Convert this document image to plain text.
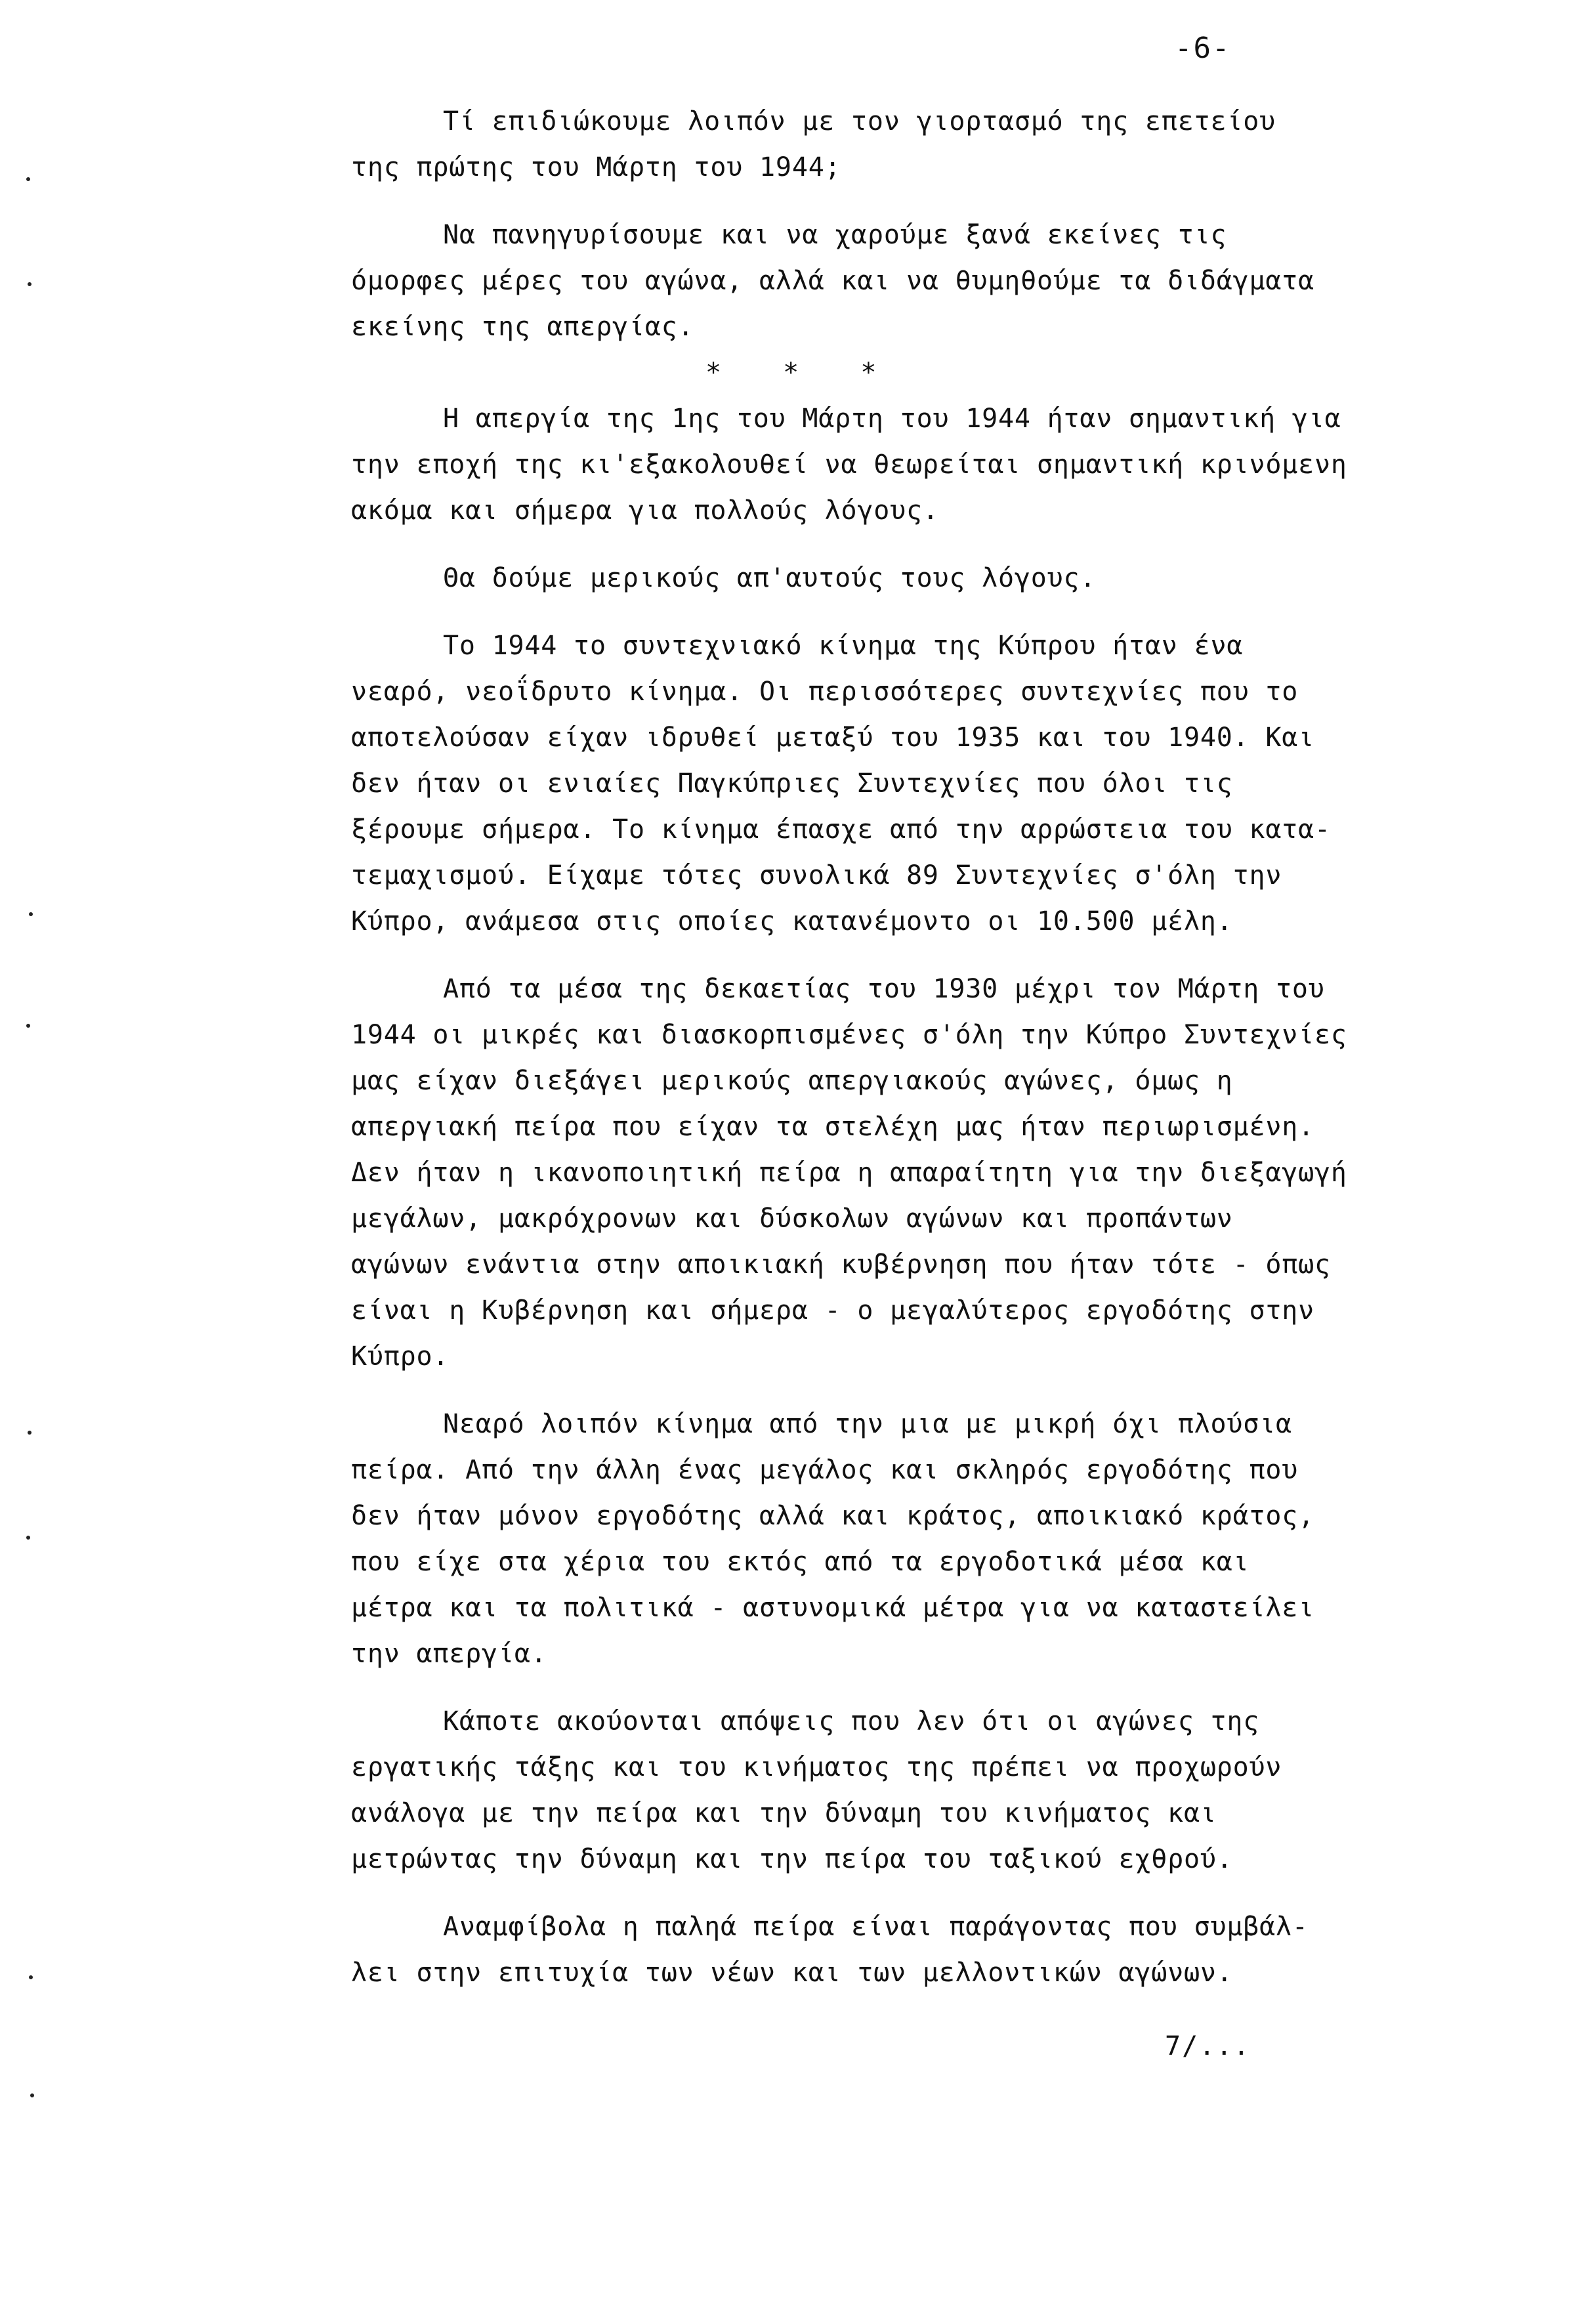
-6-
Τί επιδιώκουμε λοιπόν με τον γιορτασμό της επετείου
της πρώτης του Μάρτη του 1944;
Να πανηγυρίσουμε και να χαρούμε ξανά εκείνες τις
όμορφες μέρες του αγώνα, αλλά και να θυμηθούμε τα διδάγματα
εκείνης της απεργίας.
* * *
Η απεργία της 1ης του Μάρτη του 1944 ήταν σημαντική για
την εποχή της κι'εξακολουθεί να θεωρείται σημαντική κρινόμενη
ακόμα και σήμερα για πολλούς λόγους.
Θα δούμε μερικούς απ'αυτούς τους λόγους.
Το 1944 το συντεχνιακό κίνημα της Κύπρου ήταν ένα
νεαρό, νεοΐδρυτο κίνημα. Οι περισσότερες συντεχνίες που το
αποτελούσαν είχαν ιδρυθεί μεταξύ του 1935 και του 1940. Και
δεν ήταν οι ενιαίες Παγκύπριες Συντεχνίες που όλοι τις
ξέρουμε σήμερα. Το κίνημα έπασχε από την αρρώστεια του κατα-
τεμαχισμού. Είχαμε τότες συνολικά 89 Συντεχνίες σ'όλη την
Κύπρο, ανάμεσα στις οποίες κατανέμοντο οι 10.500 μέλη.
Από τα μέσα της δεκαετίας του 1930 μέχρι τον Μάρτη του
1944 οι μικρές και διασκορπισμένες σ'όλη την Κύπρο Συντεχνίες
μας είχαν διεξάγει μερικούς απεργιακούς αγώνες, όμως η
απεργιακή πείρα που είχαν τα στελέχη μας ήταν περιωρισμένη.
Δεν ήταν η ικανοποιητική πείρα η απαραίτητη για την διεξαγωγή
μεγάλων, μακρόχρονων και δύσκολων αγώνων και προπάντων
αγώνων ενάντια στην αποικιακή κυβέρνηση που ήταν τότε - όπως
είναι η Κυβέρνηση και σήμερα - ο μεγαλύτερος εργοδότης στην
Κύπρο.
Νεαρό λοιπόν κίνημα από την μια με μικρή όχι πλούσια
πείρα. Από την άλλη ένας μεγάλος και σκληρός εργοδότης που
δεν ήταν μόνον εργοδότης αλλά και κράτος, αποικιακό κράτος,
που είχε στα χέρια του εκτός από τα εργοδοτικά μέσα και
μέτρα και τα πολιτικά - αστυνομικά μέτρα για να καταστείλει
την απεργία.
Κάποτε ακούονται απόψεις που λεν ότι οι αγώνες της
εργατικής τάξης και του κινήματος της πρέπει να προχωρούν
ανάλογα με την πείρα και την δύναμη του κινήματος και
μετρώντας την δύναμη και την πείρα του ταξικού εχθρού.
Αναμφίβολα η παληά πείρα είναι παράγοντας που συμβάλ-
λει στην επιτυχία των νέων και των μελλοντικών αγώνων.
7/...
